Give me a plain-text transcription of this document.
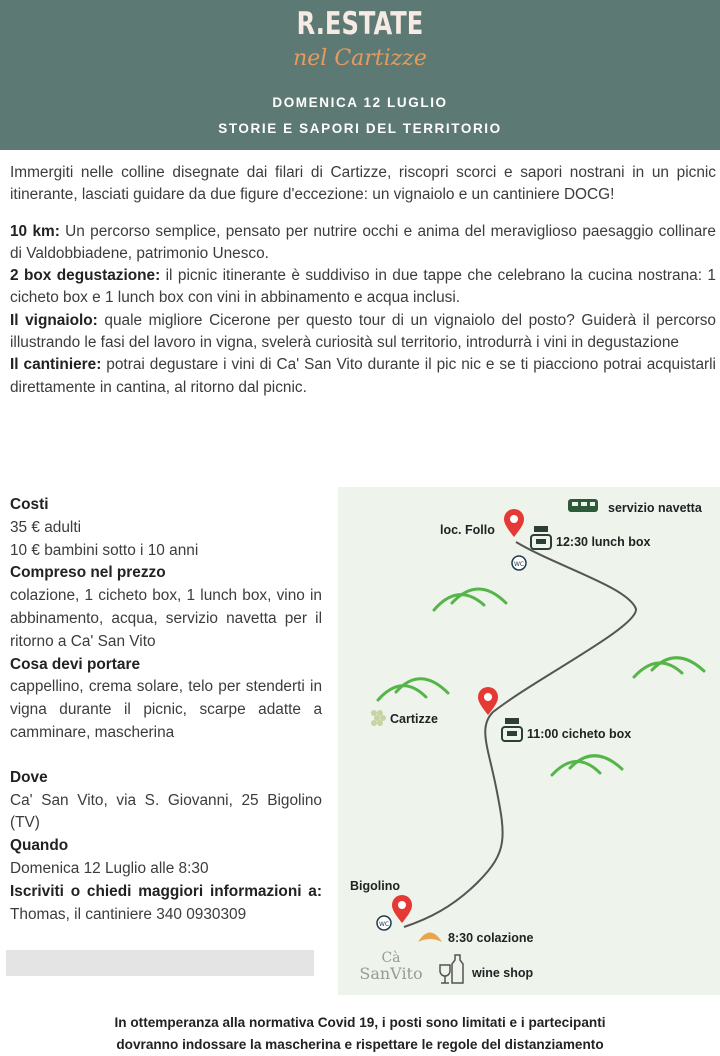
R.ESTATE
nel Cartizze
DOMENICA 12 LUGLIO
STORIE E SAPORI DEL TERRITORIO

Immergiti nelle colline disegnate dai filari di Cartizze, riscopri scorci e sapori nostrani in un picnic itinerante, lasciati guidare da due figure d'eccezione: un vignaiolo e un cantiniere DOCG!

10 km: Un percorso semplice, pensato per nutrire occhi e anima del meraviglioso paesaggio collinare di Valdobbiadene, patrimonio Unesco.

2 box degustazione: il picnic itinerante è suddiviso in due tappe che celebrano la cucina nostrana: 1 cicheto box e 1 lunch box con vini in abbinamento e acqua inclusi.

Il vignaiolo: quale migliore Cicerone per questo tour di un vignaiolo del posto? Guiderà il percorso illustrando le fasi del lavoro in vigna, svelerà curiosità sul territorio, introdurrà i vini in degustazione

Il cantiniere: potrai degustare i vini di Ca' San Vito durante il pic nic e se ti piacciono potrai acquistarli direttamente in cantina, al ritorno dal picnic.

Costi
35 € adulti
10 € bambini sotto i 10 anni
Compreso nel prezzo
colazione, 1 cicheto box, 1 lunch box, vino in abbinamento, acqua, servizio navetta per il ritorno a Ca' San Vito
Cosa devi portare
cappellino, crema solare, telo per stenderti in vigna durante il picnic, scarpe adatte a camminare, mascherina
Dove
Ca' San Vito, via S. Giovanni, 25 Bigolino (TV)
Quando
Domenica 12 Luglio alle 8:30
Iscriviti o chiedi maggiori informazioni a:
Thomas, il cantiniere 340 0930309
WC
WC
servizio navetta
loc. Follo
12:30 lunch box
Cartizze
11:00 cicheto box
Bigolino
8:30 colazione
wine shop
Cà
SanVito
In ottemperanza alla normativa Covid 19, i posti sono limitati e i partecipanti
dovranno indossare la mascherina e rispettare le regole del distanziamento
